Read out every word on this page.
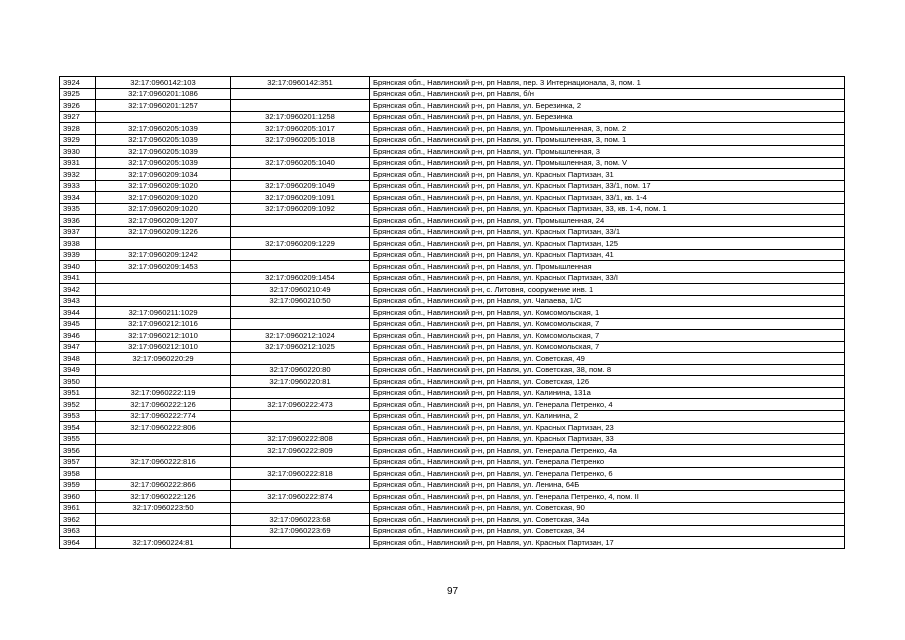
3924	32:17:0960142:103	32:17:0960142:351	Брянская обл., Навлинский р-н, рп Навля, пер. 3 Интернационала, 3, пом. 1
3925	32:17:0960201:1086		Брянская обл., Навлинский р-н, рп Навля, б/н
3926	32:17:0960201:1257		Брянская обл., Навлинский р-н, рп Навля, ул. Березинка, 2
3927		32:17:0960201:1258	Брянская обл., Навлинский р-н, рп Навля, ул. Березинка
3928	32:17:0960205:1039	32:17:0960205:1017	Брянская обл., Навлинский р-н, рп Навля, ул. Промышленная, 3, пом. 2
3929	32:17:0960205:1039	32:17:0960205:1018	Брянская обл., Навлинский р-н, рп Навля, ул. Промышленная, 3, пом. 1
3930	32:17:0960205:1039		Брянская обл., Навлинский р-н, рп Навля, ул. Промышленная, 3
3931	32:17:0960205:1039	32:17:0960205:1040	Брянская обл., Навлинский р-н, рп Навля, ул. Промышленная, 3, пом. V
3932	32:17:0960209:1034		Брянская обл., Навлинский р-н, рп Навля, ул. Красных Партизан, 31
3933	32:17:0960209:1020	32:17:0960209:1049	Брянская обл., Навлинский р-н, рп Навля, ул. Красных Партизан, 33/1, пом. 17
3934	32:17:0960209:1020	32:17:0960209:1091	Брянская обл., Навлинский р-н, рп Навля, ул. Красных Партизан, 33/1, кв. 1-4
3935	32:17:0960209:1020	32:17:0960209:1092	Брянская обл., Навлинский р-н, рп Навля, ул. Красных Партизан, 33, кв. 1-4, пом. 1
3936	32:17:0960209:1207		Брянская обл., Навлинский р-н, рп Навля, ул. Промышленная, 24
3937	32:17:0960209:1226		Брянская обл., Навлинский р-н, рп Навля, ул. Красных Партизан, 33/1
3938		32:17:0960209:1229	Брянская обл., Навлинский р-н, рп Навля, ул. Красных Партизан, 125
3939	32:17:0960209:1242		Брянская обл., Навлинский р-н, рп Навля, ул. Красных Партизан, 41
3940	32:17:0960209:1453		Брянская обл., Навлинский р-н, рп Навля, ул. Промышленная
3941		32:17:0960209:1454	Брянская обл., Навлинский р-н, рп Навля, ул. Красных Партизан, 33/I
3942		32:17:0960210:49	Брянская обл., Навлинский р-н, с. Литовня, сооружение инв. 1
3943		32:17:0960210:50	Брянская обл., Навлинский р-н, рп Навля, ул. Чапаева, 1/С
3944	32:17:0960211:1029		Брянская обл., Навлинский р-н, рп Навля, ул. Комсомольская, 1
3945	32:17:0960212:1016		Брянская обл., Навлинский р-н, рп Навля, ул. Комсомольская, 7
3946	32:17:0960212:1010	32:17:0960212:1024	Брянская обл., Навлинский р-н, рп Навля, ул. Комсомольская, 7
3947	32:17:0960212:1010	32:17:0960212:1025	Брянская обл., Навлинский р-н, рп Навля, ул. Комсомольская, 7
3948	32:17:0960220:29		Брянская обл., Навлинский р-н, рп Навля, ул. Советская, 49
3949		32:17:0960220:80	Брянская обл., Навлинский р-н, рп Навля, ул. Советская, 38, пом. 8
3950		32:17:0960220:81	Брянская обл., Навлинский р-н, рп Навля, ул. Советская, 126
3951	32:17:0960222:119		Брянская обл., Навлинский р-н, рп Навля, ул. Калинина, 131а
3952	32:17:0960222:126	32:17:0960222:473	Брянская обл., Навлинский р-н, рп Навля, ул. Генерала Петренко, 4
3953	32:17:0960222:774		Брянская обл., Навлинский р-н, рп Навля, ул. Калинина, 2
3954	32:17:0960222:806		Брянская обл., Навлинский р-н, рп Навля, ул. Красных Партизан, 23
3955		32:17:0960222:808	Брянская обл., Навлинский р-н, рп Навля, ул. Красных Партизан, 33
3956		32:17:0960222:809	Брянская обл., Навлинский р-н, рп Навля, ул. Генерала Петренко, 4а
3957	32:17:0960222:816		Брянская обл., Навлинский р-н, рп Навля, ул. Генерала Петренко
3958		32:17:0960222:818	Брянская обл., Навлинский р-н, рп Навля, ул. Генерала Петренко, 6
3959	32:17:0960222:866		Брянская обл., Навлинский р-н, рп Навля, ул. Ленина, 64Б
3960	32:17:0960222:126	32:17:0960222:874	Брянская обл., Навлинский р-н, рп Навля, ул. Генерала Петренко, 4, пом. II
3961	32:17:0960223:50		Брянская обл., Навлинский р-н, рп Навля, ул. Советская, 90
3962		32:17:0960223:68	Брянская обл., Навлинский р-н, рп Навля, ул. Советская, 34а
3963		32:17:0960223:69	Брянская обл., Навлинский р-н, рп Навля, ул. Советская, 34
3964	32:17:0960224:81		Брянская обл., Навлинский р-н, рп Навля, ул. Красных Партизан, 17
97
